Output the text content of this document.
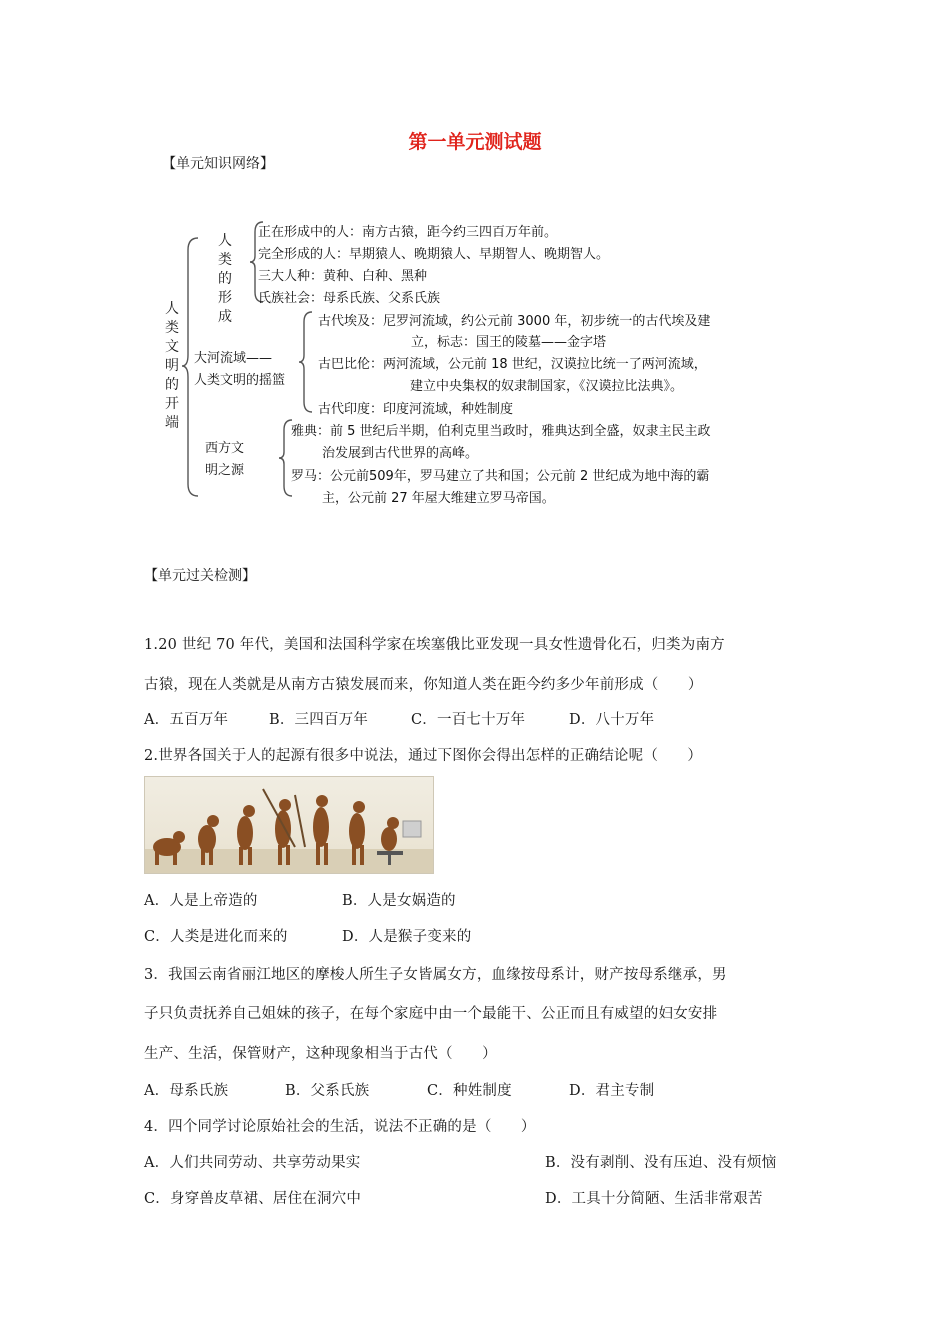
第一单元测试题
【单元知识网络】
人类文明的开端
人类的形成
正在形成中的人：南方古猿，距今约三四百万年前。
完全形成的人：早期猿人、晚期猿人、早期智人、晚期智人。
三大人种：黄种、白种、黑种
氏族社会：母系氏族、父系氏族
大河流域——
人类文明的摇篮
古代埃及：尼罗河流域，约公元前 3000 年，初步统一的古代埃及建
立，标志：国王的陵墓——金字塔
古巴比伦：两河流域，公元前 18 世纪，汉谟拉比统一了两河流域，
建立中央集权的奴隶制国家，《汉谟拉比法典》。
古代印度：印度河流域，种姓制度
西方文
明之源
雅典：前 5 世纪后半期，伯利克里当政时，雅典达到全盛，奴隶主民主政
治发展到古代世界的高峰。
罗马：公元前509年，罗马建立了共和国；公元前 2 世纪成为地中海的霸
主，公元前 27 年屋大维建立罗马帝国。
【单元过关检测】
1.20 世纪 70 年代，美国和法国科学家在埃塞俄比亚发现一具女性遗骨化石，归类为南方
古猿，现在人类就是从南方古猿发展而来，你知道人类在距今约多少年前形成（　　）
A．五百万年	B．三四百万年	C．一百七十万年	D．八十万年
2.世界各国关于人的起源有很多中说法，通过下图你会得出怎样的正确结论呢（　　）
A．人是上帝造的	B．人是女娲造的
C．人类是进化而来的	D．人是猴子变来的
3．我国云南省丽江地区的摩梭人所生子女皆属女方，血缘按母系计，财产按母系继承，男
子只负责抚养自己姐妹的孩子，在每个家庭中由一个最能干、公正而且有威望的妇女安排
生产、生活，保管财产，这种现象相当于古代（　　）
A．母系氏族	B．父系氏族	C．种姓制度	D．君主专制
4．四个同学讨论原始社会的生活，说法不正确的是（　　）
A．人们共同劳动、共享劳动果实	B．没有剥削、没有压迫、没有烦恼
C．身穿兽皮草裙、居住在洞穴中	D．工具十分简陋、生活非常艰苦
